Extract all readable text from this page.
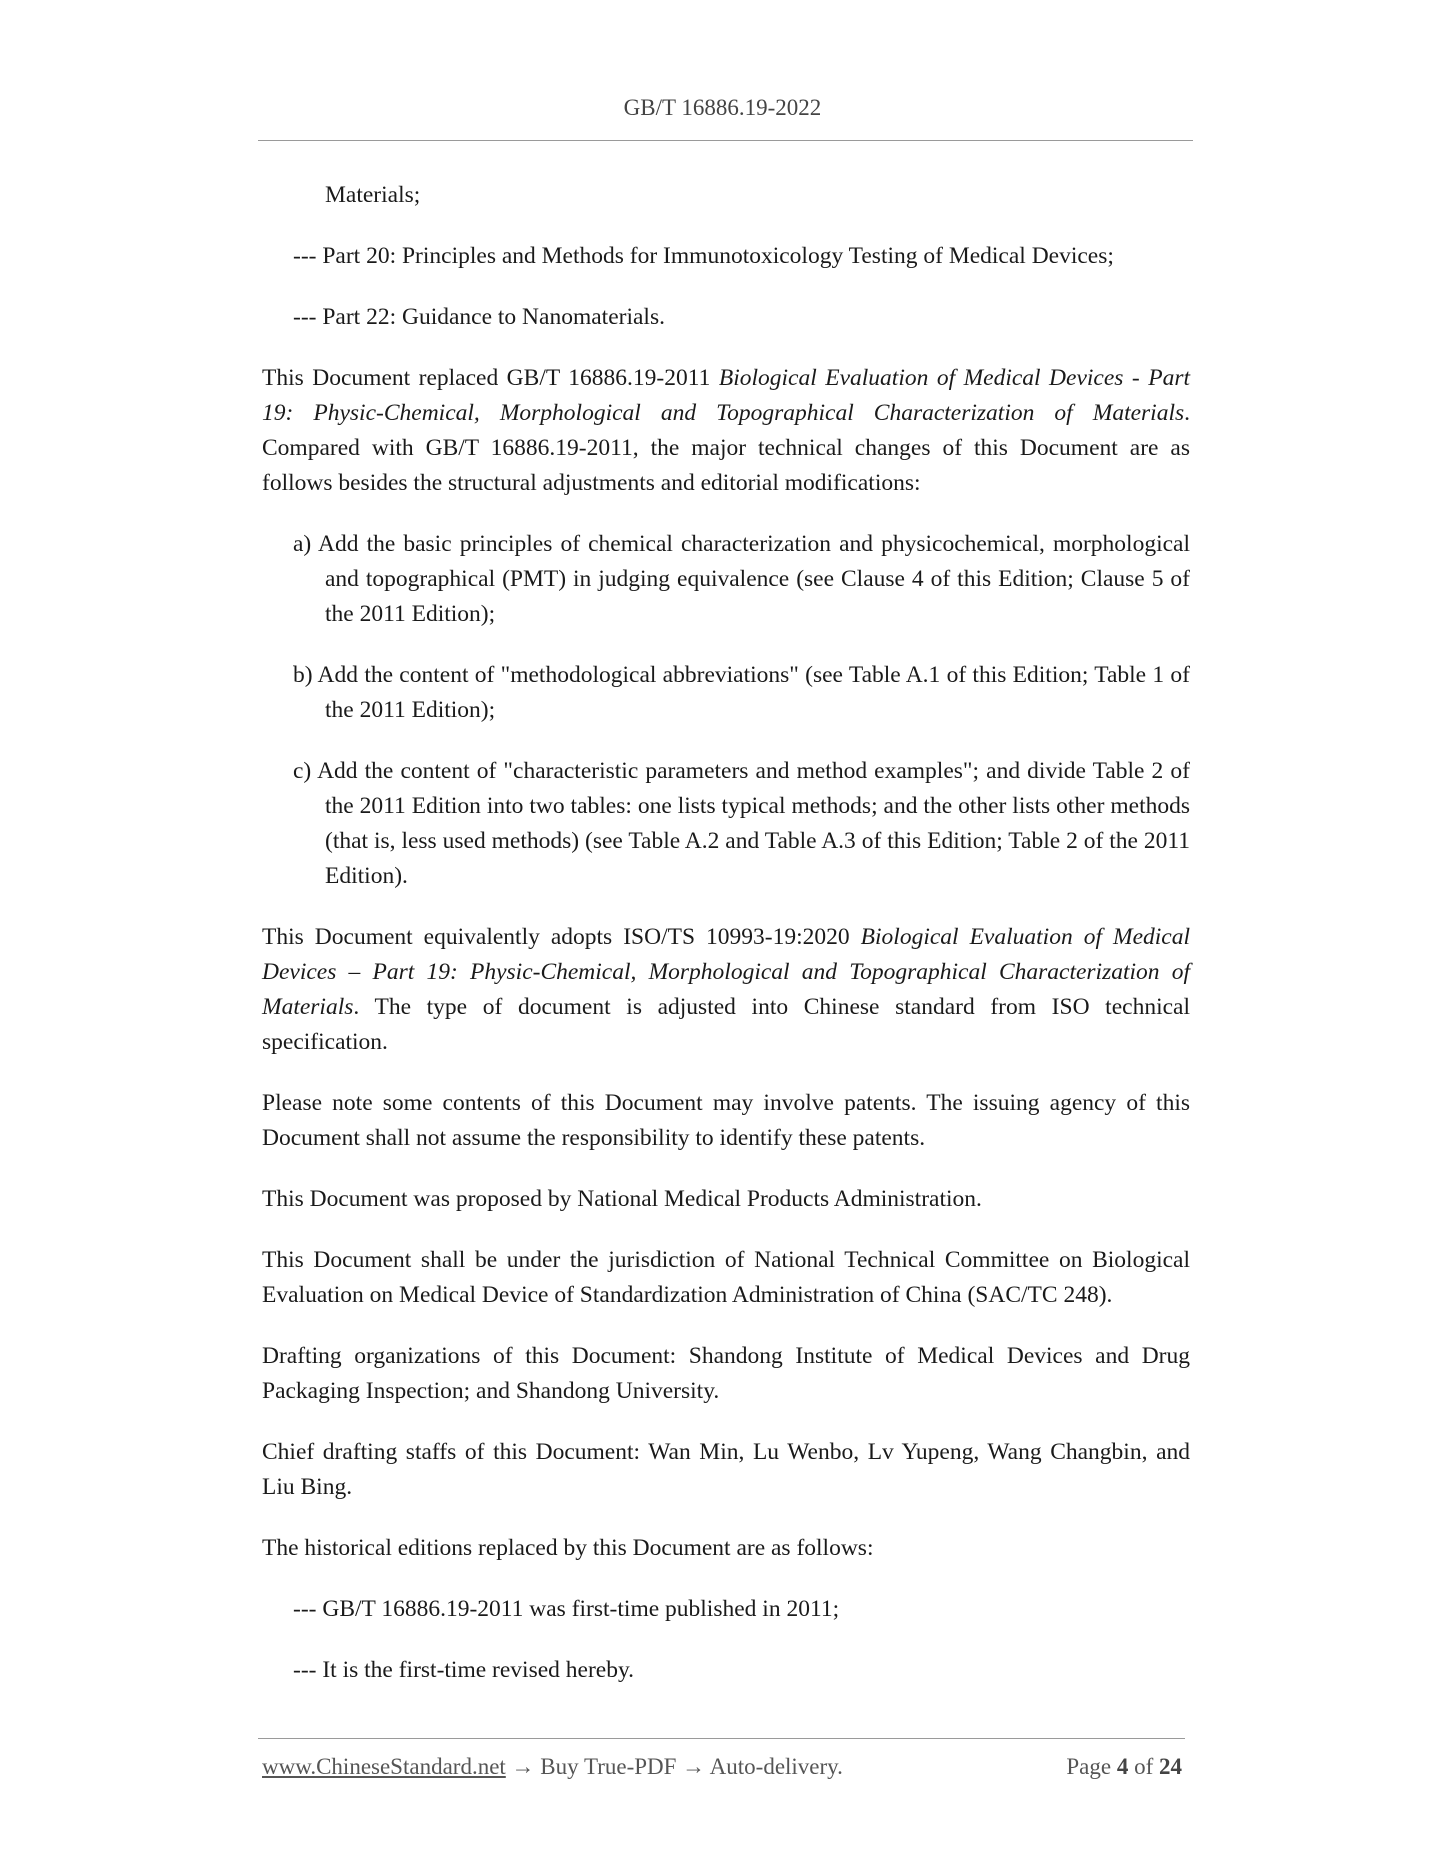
GB/T 16886.19-2022

Materials;

--- Part 20: Principles and Methods for Immunotoxicology Testing of Medical Devices;

--- Part 22: Guidance to Nanomaterials.

This Document replaced GB/T 16886.19-2011 Biological Evaluation of Medical Devices - Part 19: Physic-Chemical, Morphological and Topographical Characterization of Materials. Compared with GB/T 16886.19-2011, the major technical changes of this Document are as follows besides the structural adjustments and editorial modifications:

a) Add the basic principles of chemical characterization and physicochemical, morphological and topographical (PMT) in judging equivalence (see Clause 4 of this Edition; Clause 5 of the 2011 Edition);

b) Add the content of "methodological abbreviations" (see Table A.1 of this Edition; Table 1 of the 2011 Edition);

c) Add the content of "characteristic parameters and method examples"; and divide Table 2 of the 2011 Edition into two tables: one lists typical methods; and the other lists other methods (that is, less used methods) (see Table A.2 and Table A.3 of this Edition; Table 2 of the 2011 Edition).

This Document equivalently adopts ISO/TS 10993-19:2020 Biological Evaluation of Medical Devices – Part 19: Physic-Chemical, Morphological and Topographical Characterization of Materials. The type of document is adjusted into Chinese standard from ISO technical specification.

Please note some contents of this Document may involve patents. The issuing agency of this Document shall not assume the responsibility to identify these patents.

This Document was proposed by National Medical Products Administration.

This Document shall be under the jurisdiction of National Technical Committee on Biological Evaluation on Medical Device of Standardization Administration of China (SAC/TC 248).

Drafting organizations of this Document: Shandong Institute of Medical Devices and Drug Packaging Inspection; and Shandong University.

Chief drafting staffs of this Document: Wan Min, Lu Wenbo, Lv Yupeng, Wang Changbin, and Liu Bing.

The historical editions replaced by this Document are as follows:

--- GB/T 16886.19-2011 was first-time published in 2011;

--- It is the first-time revised hereby.

www.ChineseStandard.net → Buy True-PDF → Auto-delivery.	Page 4 of 24
